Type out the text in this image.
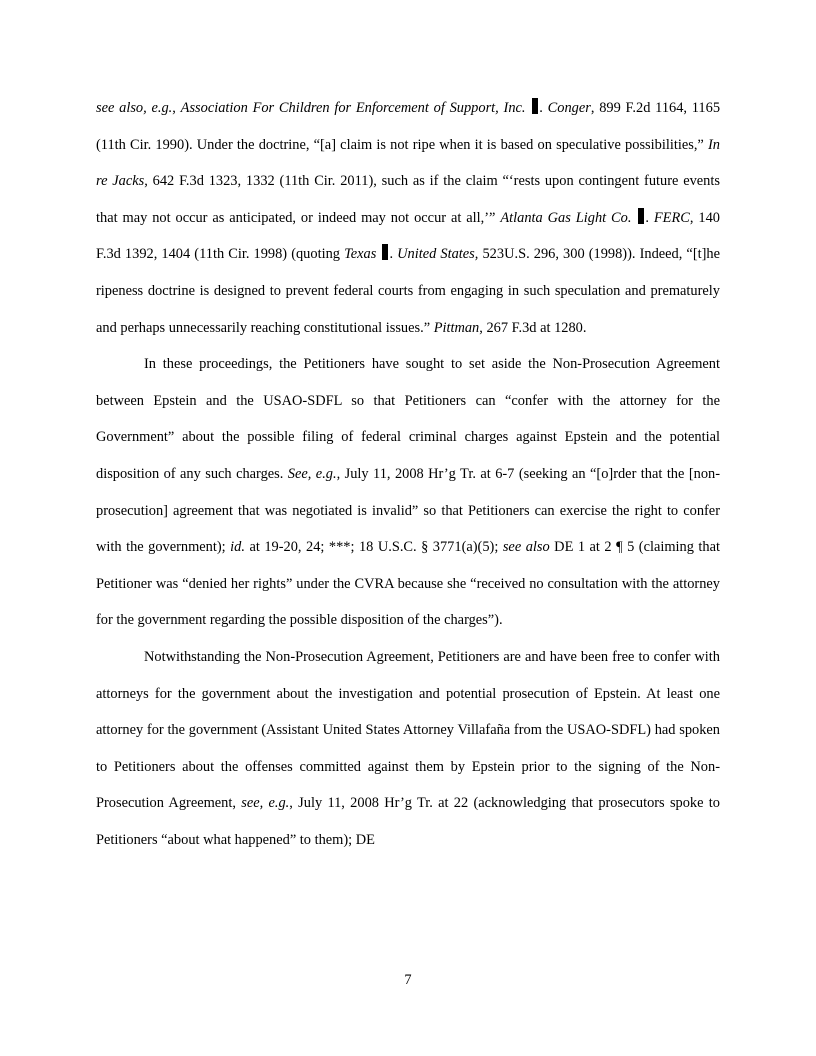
see also, e.g., Association For Children for Enforcement of Support, Inc. . Conger, 899 F.2d 1164, 1165 (11th Cir. 1990). Under the doctrine, “[a] claim is not ripe when it is based on speculative possibilities,” In re Jacks, 642 F.3d 1323, 1332 (11th Cir. 2011), such as if the claim “‘rests upon contingent future events that may not occur as anticipated, or indeed may not occur at all,’” Atlanta Gas Light Co. . FERC, 140 F.3d 1392, 1404 (11th Cir. 1998) (quoting Texas . United States, 523U.S. 296, 300 (1998)). Indeed, “[t]he ripeness doctrine is designed to prevent federal courts from engaging in such speculation and prematurely and perhaps unnecessarily reaching constitutional issues.” Pittman, 267 F.3d at 1280.

In these proceedings, the Petitioners have sought to set aside the Non-Prosecution Agreement between Epstein and the USAO-SDFL so that Petitioners can “confer with the attorney for the Government” about the possible filing of federal criminal charges against Epstein and the potential disposition of any such charges. See, e.g., July 11, 2008 Hr’g Tr. at 6-7 (seeking an “[o]rder that the [non-prosecution] agreement that was negotiated is invalid” so that Petitioners can exercise the right to confer with the government); id. at 19-20, 24; ***; 18 U.S.C. § 3771(a)(5); see also DE 1 at 2 ¶ 5 (claiming that Petitioner was “denied her rights” under the CVRA because she “received no consultation with the attorney for the government regarding the possible disposition of the charges”).

Notwithstanding the Non-Prosecution Agreement, Petitioners are and have been free to confer with attorneys for the government about the investigation and potential prosecution of Epstein. At least one attorney for the government (Assistant United States Attorney Villafaña from the USAO-SDFL) had spoken to Petitioners about the offenses committed against them by Epstein prior to the signing of the Non-Prosecution Agreement, see, e.g., July 11, 2008 Hr’g Tr. at 22 (acknowledging that prosecutors spoke to Petitioners “about what happened” to them); DE

7
